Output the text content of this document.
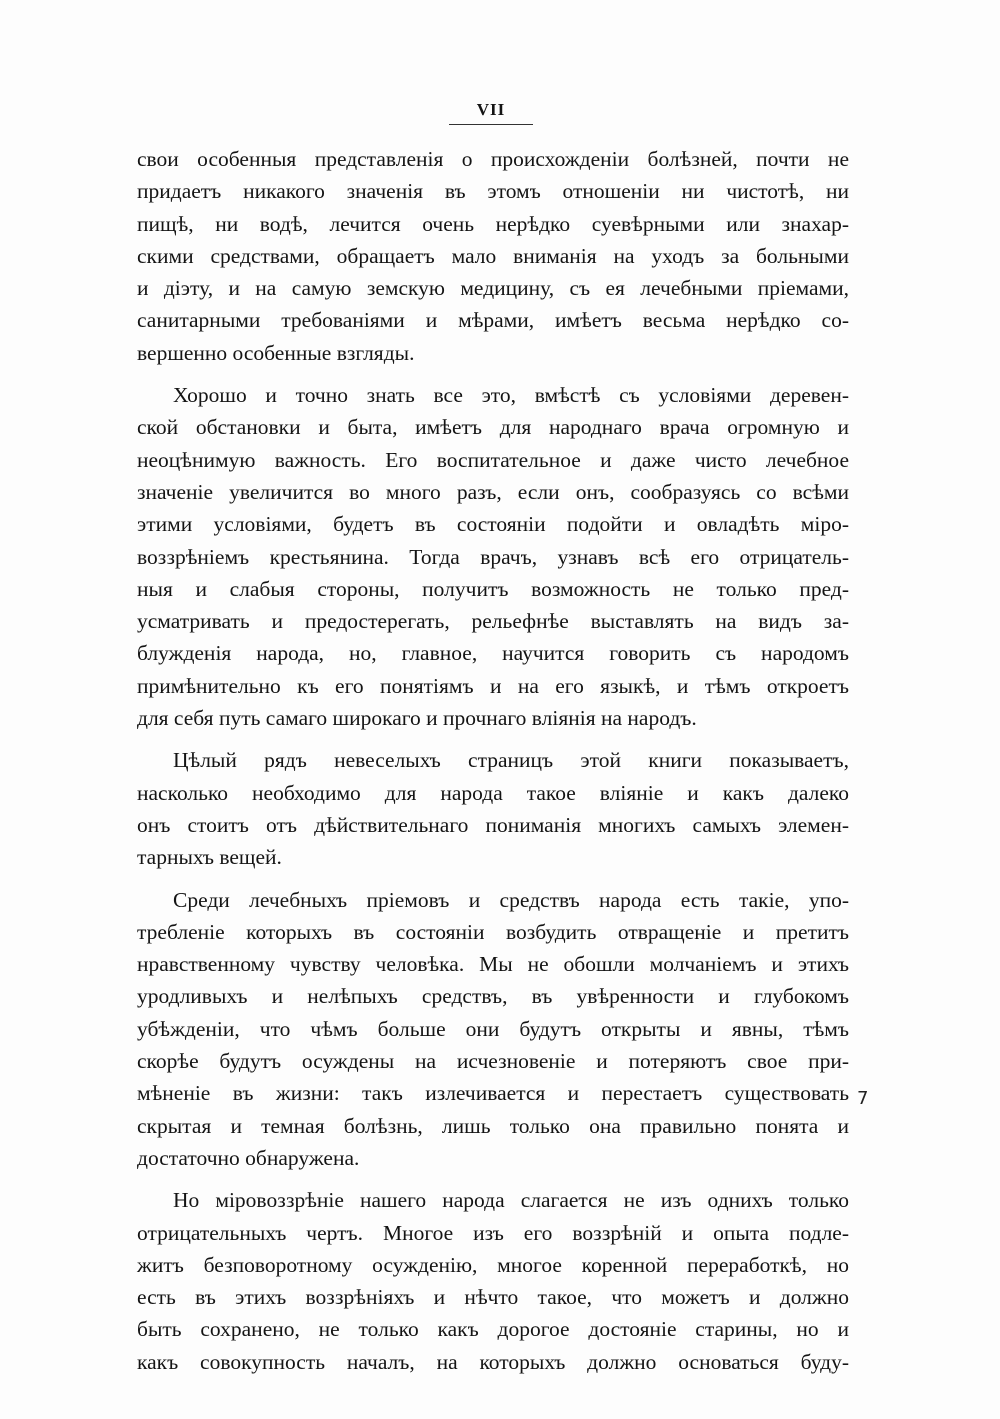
VII
свои особенныя представленія о происхожденіи болѣзней, почти не
придаетъ никакого значенія въ этомъ отношеніи ни чистотѣ, ни
пищѣ, ни водѣ, лечится очень нерѣдко суевѣрными или знахар-
скими средствами, обращаетъ мало вниманія на уходъ за больными
и діэту, и на самую земскую медицину, съ ея лечебными пріемами,
санитарными требованіями и мѣрами, имѣетъ весьма нерѣдко со-
вершенно особенные взгляды.
Хорошо и точно знать все это, вмѣстѣ съ условіями деревен-
ской обстановки и быта, имѣетъ для народнаго врача огромную и
неоцѣнимую важность. Его воспитательное и даже чисто лечебное
значеніе увеличится во много разъ, если онъ, сообразуясь со всѣми
этими условіями, будетъ въ состояніи подойти и овладѣть міро-
воззрѣніемъ крестьянина. Тогда врачъ, узнавъ всѣ его отрицатель-
ныя и слабыя стороны, получитъ возможность не только пред-
усматривать и предостерегать, рельефнѣе выставлять на видъ за-
блужденія народа, но, главное, научится говорить съ народомъ
примѣнительно къ его понятіямъ и на его языкѣ, и тѣмъ откроетъ
для себя путь самаго широкаго и прочнаго вліянія на народъ.
Цѣлый рядъ невеселыхъ страницъ этой книги показываетъ,
насколько необходимо для народа такое вліяніе и какъ далеко
онъ стоитъ отъ дѣйствительнаго пониманія многихъ самыхъ элемен-
тарныхъ вещей.
Среди лечебныхъ пріемовъ и средствъ народа есть такіе, упо-
требленіе которыхъ въ состояніи возбудить отвращеніе и претитъ
нравственному чувству человѣка. Мы не обошли молчаніемъ и этихъ
уродливыхъ и нелѣпыхъ средствъ, въ увѣренности и глубокомъ
убѣжденіи, что чѣмъ больше они будутъ открыты и явны, тѣмъ
скорѣе будутъ осуждены на исчезновеніе и потеряютъ свое при-
мѣненіе въ жизни: такъ излечивается и перестаетъ существовать
скрытая и темная болѣзнь, лишь только она правильно понята и
достаточно обнаружена.
Но міровоззрѣніе нашего народа слагается не изъ однихъ только
отрицательныхъ чертъ. Многое изъ его воззрѣній и опыта подле-
житъ безповоротному осужденію, многое коренной переработкѣ, но
есть въ этихъ воззрѣніяхъ и нѣчто такое, что можетъ и должно
быть сохранено, не только какъ дорогое достояніе старины, но и
какъ совокупность началъ, на которыхъ должно основаться буду-
7
